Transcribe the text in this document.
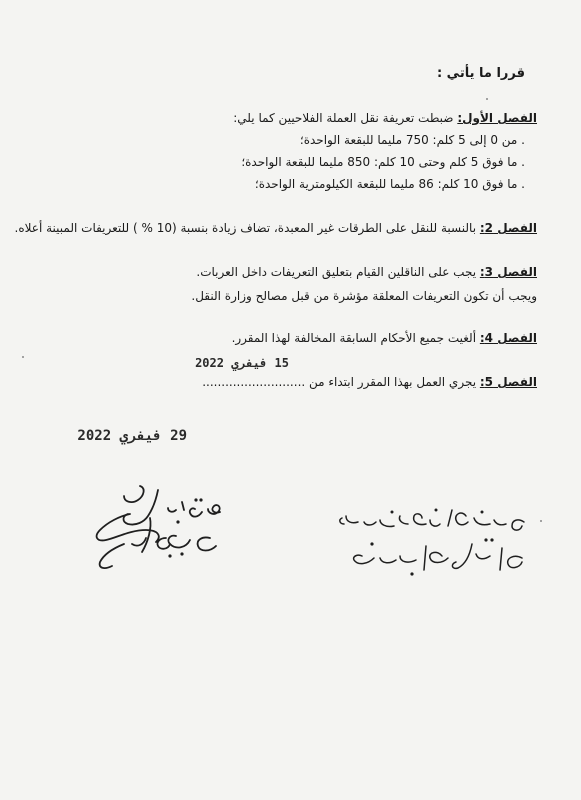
قررا ما يأتي :
الفصل الأول: ضبطت تعريفة نقل العملة الفلاحيين كما يلي:
. من 0 إلى 5 كلم: 750 مليما للبقعة الواحدة؛
. ما فوق 5 كلم وحتى 10 كلم: 850 مليما للبقعة الواحدة؛
. ما فوق 10 كلم: 86 مليما للبقعة الكيلومترية الواحدة؛
الفصل 2: بالنسبة للنقل على الطرقات غير المعبدة، تضاف زيادة بنسبة (10 % ) للتعريفات المبينة أعلاه.
الفصل 3: يجب على الناقلين القيام بتعليق التعريفات داخل العربات.
ويجب أن تكون التعريفات المعلقة مؤشرة من قبل مصالح وزارة النقل.
الفصل 4: ألغيت جميع الأحكام السابقة المخالفة لهذا المقرر.
15 فيفري 2022
الفصل 5: يجري العمل بهذا المقرر ابتداء من ...........................
29 فيفري 2022
